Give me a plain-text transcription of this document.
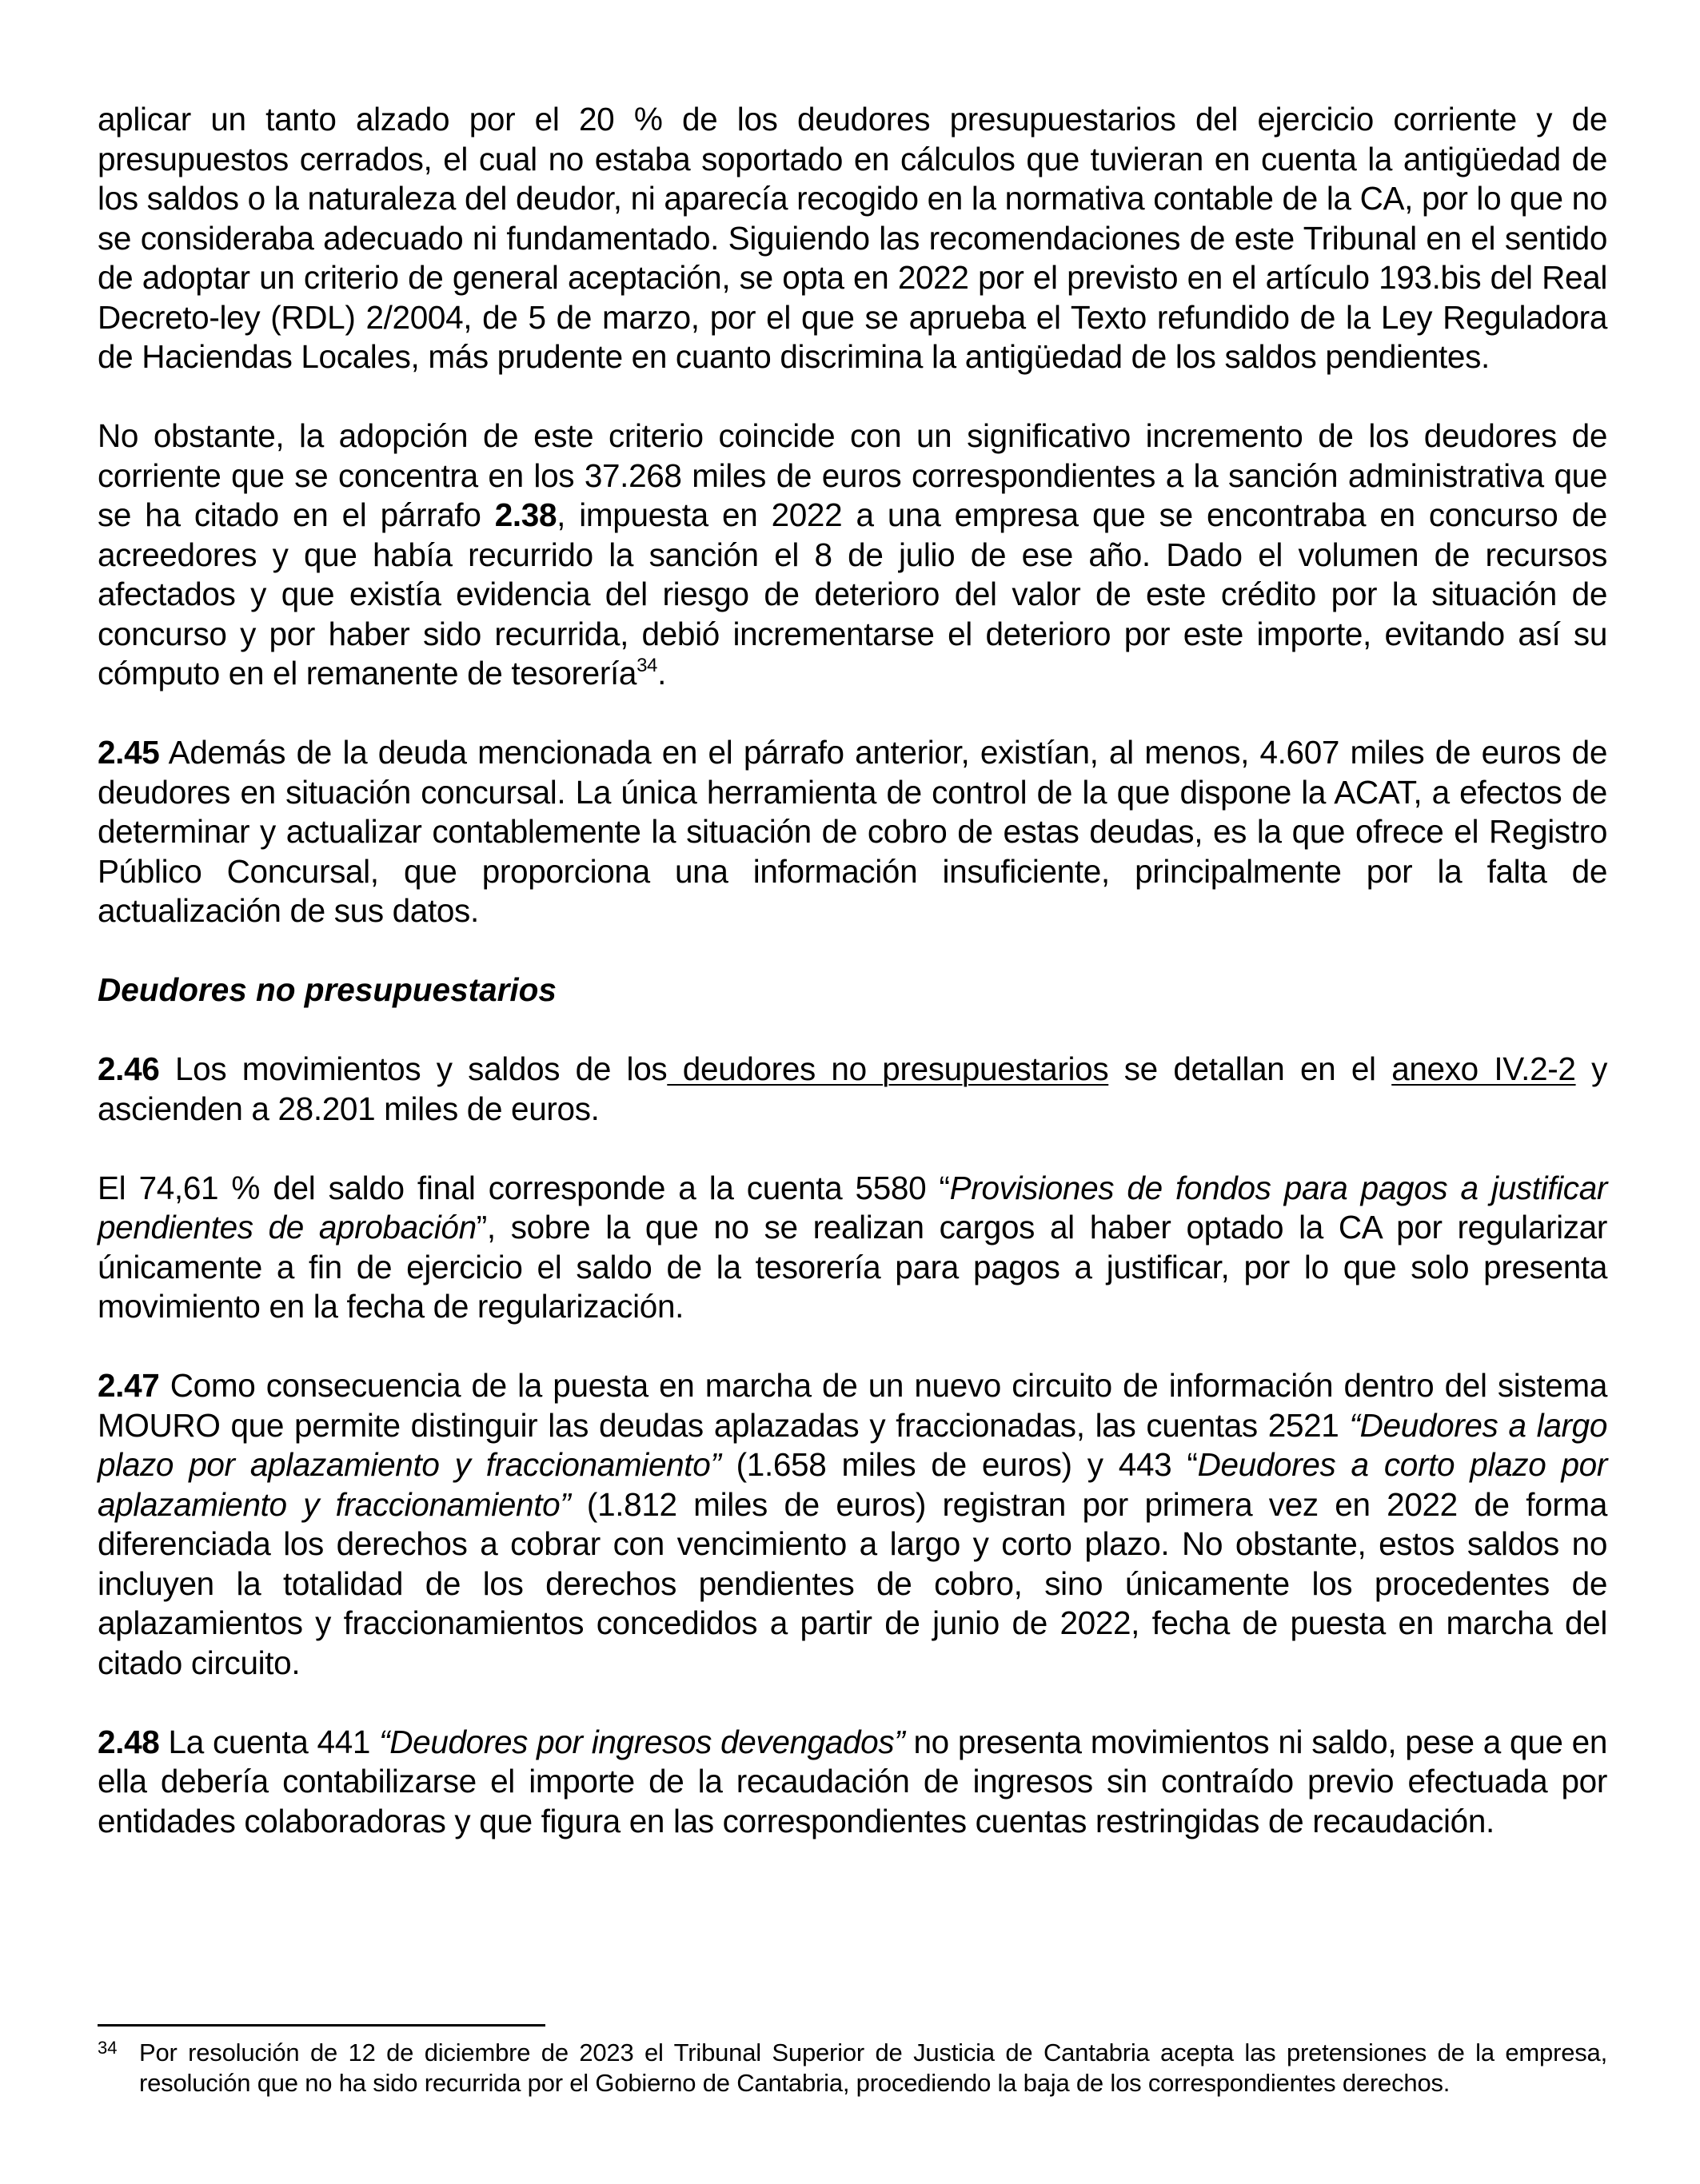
aplicar un tanto alzado por el 20 % de los deudores presupuestarios del ejercicio corriente y de presupuestos cerrados, el cual no estaba soportado en cálculos que tuvieran en cuenta la antigüedad de los saldos o la naturaleza del deudor, ni aparecía recogido en la normativa contable de la CA, por lo que no se consideraba adecuado ni fundamentado. Siguiendo las recomendaciones de este Tribunal en el sentido de adoptar un criterio de general aceptación, se opta en 2022 por el previsto en el artículo 193.bis del Real Decreto-ley (RDL) 2/2004, de 5 de marzo, por el que se aprueba el Texto refundido de la Ley Reguladora de Haciendas Locales, más prudente en cuanto discrimina la antigüedad de los saldos pendientes.

No obstante, la adopción de este criterio coincide con un significativo incremento de los deudores de corriente que se concentra en los 37.268 miles de euros correspondientes a la sanción administrativa que se ha citado en el párrafo 2.38, impuesta en 2022 a una empresa que se encontraba en concurso de acreedores y que había recurrido la sanción el 8 de julio de ese año. Dado el volumen de recursos afectados y que existía evidencia del riesgo de deterioro del valor de este crédito por la situación de concurso y por haber sido recurrida, debió incrementarse el deterioro por este importe, evitando así su cómputo en el remanente de tesorería$^{34}$.

2.45 Además de la deuda mencionada en el párrafo anterior, existían, al menos, 4.607 miles de euros de deudores en situación concursal. La única herramienta de control de la que dispone la ACAT, a efectos de determinar y actualizar contablemente la situación de cobro de estas deudas, es la que ofrece el Registro Público Concursal, que proporciona una información insuficiente, principalmente por la falta de actualización de sus datos.

Deudores no presupuestarios

2.46 Los movimientos y saldos de los deudores no presupuestarios se detallan en el anexo IV.2-2 y ascienden a 28.201 miles de euros.

El 74,61 % del saldo final corresponde a la cuenta 5580 “Provisiones de fondos para pagos a justificar pendientes de aprobación”, sobre la que no se realizan cargos al haber optado la CA por regularizar únicamente a fin de ejercicio el saldo de la tesorería para pagos a justificar, por lo que solo presenta movimiento en la fecha de regularización.

2.47 Como consecuencia de la puesta en marcha de un nuevo circuito de información dentro del sistema MOURO que permite distinguir las deudas aplazadas y fraccionadas, las cuentas 2521 “Deudores a largo plazo por aplazamiento y fraccionamiento” (1.658 miles de euros) y 443 “Deudores a corto plazo por aplazamiento y fraccionamiento” (1.812 miles de euros) registran por primera vez en 2022 de forma diferenciada los derechos a cobrar con vencimiento a largo y corto plazo. No obstante, estos saldos no incluyen la totalidad de los derechos pendientes de cobro, sino únicamente los procedentes de aplazamientos y fraccionamientos concedidos a partir de junio de 2022, fecha de puesta en marcha del citado circuito.

2.48 La cuenta 441 “Deudores por ingresos devengados” no presenta movimientos ni saldo, pese a que en ella debería contabilizarse el importe de la recaudación de ingresos sin contraído previo efectuada por entidades colaboradoras y que figura en las correspondientes cuentas restringidas de recaudación.

34 Por resolución de 12 de diciembre de 2023 el Tribunal Superior de Justicia de Cantabria acepta las pretensiones de la empresa, resolución que no ha sido recurrida por el Gobierno de Cantabria, procediendo la baja de los correspondientes derechos.
